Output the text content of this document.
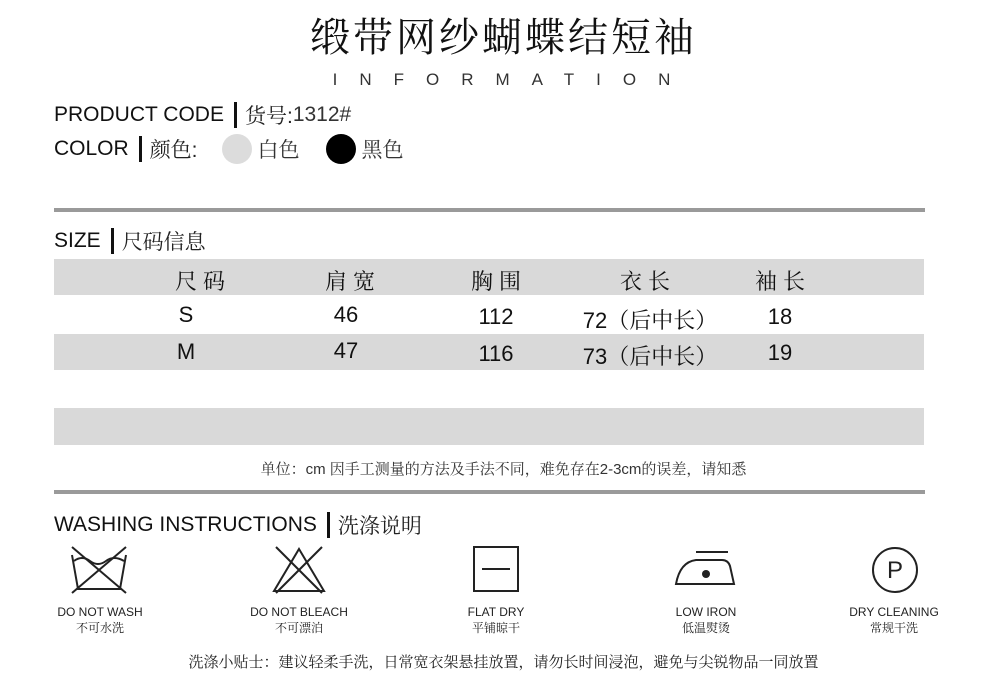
缎带网纱蝴蝶结短袖
INFORMATION
PRODUCT CODE 货号: 1312#
COLOR 颜色:	白色	黑色
SIZE 尺码信息
尺 码	肩 宽	胸 围	衣 长	袖 长
S	46	112	72（后中长）	18
M	47	116	73（后中长）	19
单位：cm 因手工测量的方法及手法不同，难免存在2-3cm的误差，请知悉
WASHING INSTRUCTIONS 洗涤说明
P
DO NOT WASH
不可水洗
DO NOT BLEACH
不可漂泊
FLAT DRY
平铺晾干
LOW IRON
低温熨烫
DRY CLEANING
常规干洗
洗涤小贴士：建议轻柔手洗，日常宽衣架悬挂放置，请勿长时间浸泡，避免与尖锐物品一同放置
